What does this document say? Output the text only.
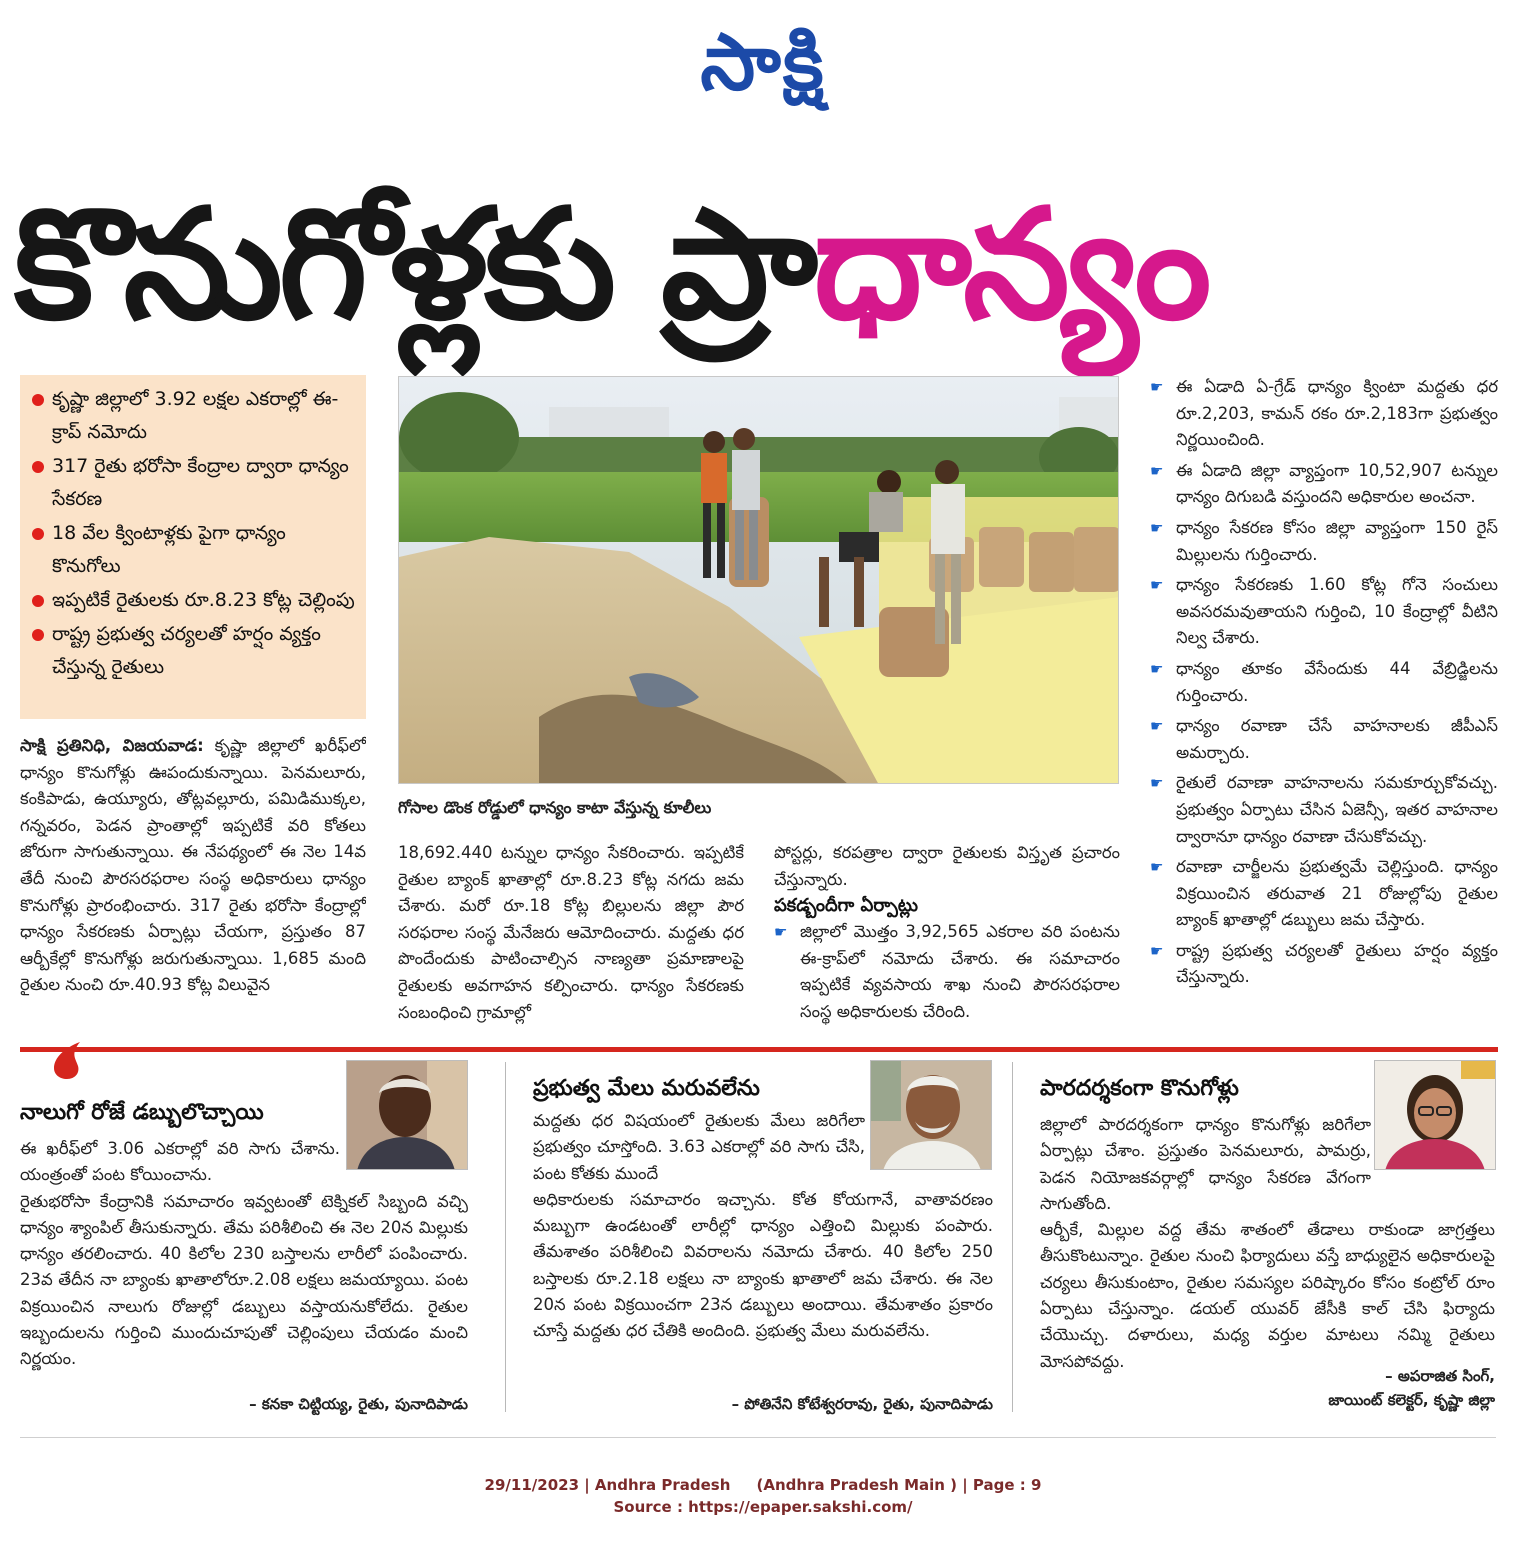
సాక్షి
కొనుగోళ్లకు ప్రాధాన్యం
కృష్ణా జిల్లాలో 3.92 లక్షల ఎకరాల్లో ఈ-క్రాప్ నమోదు
317 రైతు భరోసా కేంద్రాల ద్వారా ధాన్యం సేకరణ
18 వేల క్వింటాళ్లకు పైగా ధాన్యం కొనుగోలు
ఇప్పటికే రైతులకు రూ.8.23 కోట్ల చెల్లింపు
రాష్ట్ర ప్రభుత్వ చర్యలతో హర్షం వ్యక్తం చేస్తున్న రైతులు
గోసాల డొంక రోడ్డులో ధాన్యం కాటా వేస్తున్న కూలీలు

సాక్షి ప్రతినిధి, విజయవాడ: కృష్ణా జిల్లాలో ఖరీఫ్‌లో ధాన్యం కొనుగోళ్లు ఊపందుకున్నాయి. పెనమలూరు, కంకిపాడు, ఉయ్యూరు, తోట్లవల్లూరు, పమిడిముక్కల, గన్నవరం, పెడన ప్రాంతాల్లో ఇప్పటికే వరి కోతలు జోరుగా సాగుతున్నాయి. ఈ నేపథ్యంలో ఈ నెల 14వ తేదీ నుంచి పౌరసరఫరాల సంస్థ అధికారులు ధాన్యం కొనుగోళ్లు ప్రారంభించారు. 317 రైతు భరోసా కేంద్రాల్లో ధాన్యం సేకరణకు ఏర్పాట్లు చేయగా, ప్రస్తుతం 87 ఆర్బీకేల్లో కొనుగోళ్లు జరుగుతున్నాయి. 1,685 మంది రైతుల నుంచి రూ.40.93 కోట్ల విలువైన

18,692.440 టన్నుల ధాన్యం సేకరించారు. ఇప్పటికే రైతుల బ్యాంక్ ఖాతాల్లో రూ.8.23 కోట్ల నగదు జమ చేశారు. మరో రూ.18 కోట్ల బిల్లులను జిల్లా పౌర సరఫరాల సంస్థ మేనేజరు ఆమోదించారు. మద్దతు ధర పొందేందుకు పాటించాల్సిన నాణ్యతా ప్రమాణాలపై రైతులకు అవగాహన కల్పించారు. ధాన్యం సేకరణకు సంబంధించి గ్రామాల్లో

పోస్టర్లు, కరపత్రాల ద్వారా రైతులకు విస్తృత ప్రచారం చేస్తున్నారు.

పకడ్బందీగా ఏర్పాట్లు
☛ జిల్లాలో మొత్తం 3,92,565 ఎకరాల వరి పంటను ఈ-క్రాప్‌లో నమోదు చేశారు. ఈ సమాచారం ఇప్పటికే వ్యవసాయ శాఖ నుంచి పౌరసరఫరాల సంస్థ అధికారులకు చేరింది.
☛ ఈ ఏడాది ఏ-గ్రేడ్ ధాన్యం క్వింటా మద్దతు ధర రూ.2,203, కామన్ రకం రూ.2,183గా ప్రభుత్వం నిర్ణయించింది.
☛ ఈ ఏడాది జిల్లా వ్యాప్తంగా 10,52,907 టన్నుల ధాన్యం దిగుబడి వస్తుందని అధికారుల అంచనా.
☛ ధాన్యం సేకరణ కోసం జిల్లా వ్యాప్తంగా 150 రైస్ మిల్లులను గుర్తించారు.
☛ ధాన్యం సేకరణకు 1.60 కోట్ల గోనె సంచులు అవసరమవుతాయని గుర్తించి, 10 కేంద్రాల్లో వీటిని నిల్వ చేశారు.
☛ ధాన్యం తూకం వేసేందుకు 44 వేబ్రిడ్జిలను గుర్తించారు.
☛ ధాన్యం రవాణా చేసే వాహనాలకు జీపీఎస్ అమర్చారు.
☛ రైతులే రవాణా వాహనాలను సమకూర్చుకోవచ్చు. ప్రభుత్వం ఏర్పాటు చేసిన ఏజెన్సీ, ఇతర వాహనాల ద్వారానూ ధాన్యం రవాణా చేసుకోవచ్చు.
☛ రవాణా చార్జీలను ప్రభుత్వమే చెల్లిస్తుంది. ధాన్యం విక్రయించిన తరువాత 21 రోజుల్లోపు రైతుల బ్యాంక్ ఖాతాల్లో డబ్బులు జమ చేస్తారు.
☛ రాష్ట్ర ప్రభుత్వ చర్యలతో రైతులు హర్షం వ్యక్తం చేస్తున్నారు.
నాలుగో రోజే డబ్బులొచ్చాయి
ఈ ఖరీఫ్‌లో 3.06 ఎకరాల్లో వరి సాగు చేశాను. యంత్రంతో పంట కోయించాను.
రైతుభరోసా కేంద్రానికి సమాచారం ఇవ్వటంతో టెక్నికల్ సిబ్బంది వచ్చి ధాన్యం శ్యాంపిల్ తీసుకున్నారు. తేమ పరిశీలించి ఈ నెల 20న మిల్లుకు ధాన్యం తరలించారు. 40 కిలోల 230 బస్తాలను లారీలో పంపించారు. 23వ తేదీన నా బ్యాంకు ఖాతాలోరూ.2.08 లక్షలు జమయ్యాయి. పంట విక్రయించిన నాలుగు రోజుల్లో డబ్బులు వస్తాయనుకోలేదు. రైతుల ఇబ్బందులను గుర్తించి ముందుచూపుతో చెల్లింపులు చేయడం మంచి నిర్ణయం.
– కనకా చిట్టియ్య, రైతు, పునాదిపాడు
ప్రభుత్వ మేలు మరువలేను
మద్దతు ధర విషయంలో రైతులకు మేలు జరిగేలా ప్రభుత్వం చూస్తోంది. 3.63 ఎకరాల్లో వరి సాగు చేసి, పంట కోతకు ముందే
అధికారులకు సమాచారం ఇచ్చాను. కోత కోయగానే, వాతావరణం మబ్బుగా ఉండటంతో లారీల్లో ధాన్యం ఎత్తించి మిల్లుకు పంపారు. తేమశాతం పరిశీలించి వివరాలను నమోదు చేశారు. 40 కిలోల 250 బస్తాలకు రూ.2.18 లక్షలు నా బ్యాంకు ఖాతాలో జమ చేశారు. ఈ నెల 20న పంట విక్రయించగా 23న డబ్బులు అందాయి. తేమశాతం ప్రకారం చూస్తే మద్దతు ధర చేతికి అందింది. ప్రభుత్వ మేలు మరువలేను.
– పోతినేని కోటేశ్వరరావు, రైతు, పునాదిపాడు
పారదర్శకంగా కొనుగోళ్లు
జిల్లాలో పారదర్శకంగా ధాన్యం కొనుగోళ్లు జరిగేలా ఏర్పాట్లు చేశాం. ప్రస్తుతం పెనమలూరు, పామర్రు, పెడన నియోజకవర్గాల్లో ధాన్యం సేకరణ వేగంగా సాగుతోంది.
ఆర్బీకే, మిల్లుల వద్ద తేమ శాతంలో తేడాలు రాకుండా జాగ్రత్తలు తీసుకొంటున్నాం. రైతుల నుంచి ఫిర్యాదులు వస్తే బాధ్యులైన అధికారులపై చర్యలు తీసుకుంటాం, రైతుల సమస్యల పరిష్కారం కోసం కంట్రోల్ రూం ఏర్పాటు చేస్తున్నాం. డయల్ యువర్ జేసీకి కాల్ చేసి ఫిర్యాదు చేయొచ్చు. దళారులు, మధ్య వర్తుల మాటలు నమ్మి రైతులు మోసపోవద్దు.
– అపరాజిత సింగ్,
జాయింట్ కలెక్టర్, కృష్ణా జిల్లా
29/11/2023 | Andhra Pradesh     (Andhra Pradesh Main ) | Page : 9
Source : https://epaper.sakshi.com/
